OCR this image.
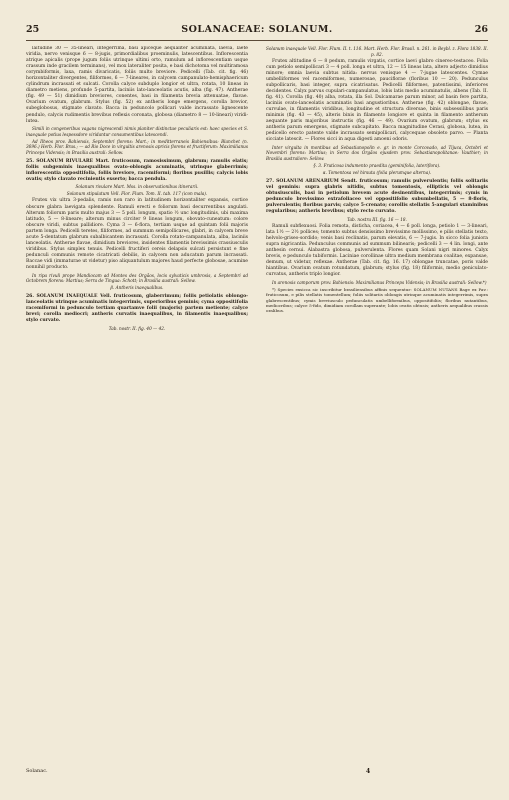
25	SOLANACEAE: SOLANUM.	26

laitudine 30 — 35-lineari, integerrima, basi apiceque aequaliter acuminata, laevia, laete viridia, nervo venisque 6 — 8-jugis, primordialibus proeminulis, latescentibus. Inflorescentia atrique apicalis (prope jugum foliis utrinque ultimi orto, ramulum ad inflorescentiam usque crassum inde gracilem terminans), vel mox lateraliter posita, e basi dichotoma vel multiramosa corymbiformis, laxa, ramis divaricatis, foliis multo breviore. Pedicelli (Tab. cit. fig. 46) horizontaliter divergentes, filiformes, 6 — 7-lineares, in calycem campanulato-hemisphaericum cylindrum incrassati et sulcati. Corolla calyce subduplo longior et ultra, rotata, 10 lineas in diametro metiens, profunde 5-partita, laciniis lato-lanceolatis acutis, alba (fig. 47). Antherae (fig. 49 — 51) dimidium breviores, conentes, basi in filamenta brevia attenuatae, flavae. Ovarium ovatum, glabrum. Stylus (fig. 52) ex antheris longe emergens, corolla brevior, subeglobosus, stigmate clavato. Bacca in peduncolo pollicari valde incrassato lignescente pendulo, calycis rudimentis brevibus reflexis coronata, globosa (diametro 8 — 10-lineari) viridi-lutea.

Simili in congeneribus vagans nigrescendi nimis planiter distinctae peculiaris est: haec species et S. inaequale potius lespessdore viridantur consumentibus latescendi.

Ad Ilheos prov. Bahiensis, Septembri florens: Mart.; in meditterraneis Bahiensibus: Blanchet (n. 3696.) Herb. Flor. Bras.; — ad Rio Doce in virgultis arenosis apricis florens et fructiferum: Maximilianus Princeps Vidensis; in Brasilia australi: Sellow.

25. SOLANUM RIVULARE Mart. fruticosum, ramosissimum, glabrum; ramulis elatis; foliis subgeminis inaequalibus ovato-oblongis acuminatis, utrinque glaberrimis; inflorescentia oppositifolia, foliis breviore, racemiformi; floribus pusillis; calycis lobis ovatis; stylo clavato recinientis exserto; bacca pendula.

Solanum rivulare Mart. Mss. in observationibus itinerarii.

Solanum stipulatum Vell. Flor. Flum. Tom. II. tab. 117 (icon mala).

Frutex vix ultra 3-pedalis, ramis non raro in latitudinem horizontaliter expansis, cortice obscure glabra laevigata splendente. Ramuli erecti e foliorum basi decurrentibus angulati. Alterum foliorum paris multo majus 3 — 5 poll. longum, spatio ½ unc longitudinis, ubi maxima latitudo, 5 — 8-lineare; alterum minus circiter 9 lineas longum, obovato-cuneatum: colore obscure viridi, subtus pallidiore. Cyma 3 — 6-flora, tertiam usque ad quintam folii majoris partem longa. Pedicelli teretes, filiformes, ad summum semipollicares, glabri, in calycem breve acute 5-dentatum glabrum subalbicantem incrassati. Corolla rotato-campanulata, alba, laciniis lanceolatis. Antherae flavae, dimidium breviores, insidentes filamentis brevissimis crassiusculis viridibus. Stylus simplex tenuis. Pedicelli fructiferi cereis delapsis sulcati persistunt e fine pedunculi communis remote cicatricati debilis, in calycem non aducatum parum incrassati. Baccae vidi (immaturae ut videtur) piso aliquantulum majores haud perfecte globosae, acumine nonnihil producto.

In ripa rivuli prope Mandiocam ad Montes des Orgãos, locis sylvaticis umbrosis, a Septembri ad Octobrem florens: Martius; Serra de Tingua: Schott; in Brasilia australi: Sellow.

β. Antheris inaequalibus.

26. SOLANUM INAEQUALE Vell. fruticosum, glaberrimum; foliis petiolatis oblongo-lanceolatis utrinque acuminatis integerrimis, superioribus geminis; cyma oppositifolia racemiformi in pedunculo tertiam quartamve folii (majoris) partem metiente; calyce brevi; corolla mediocri; antheris curvatis inaequalibus, in filamentis inaequalibus; stylo curvato.

Tab. nostr. II. fig. 40 — 42.

Solanum inaequale Vell. Flor. Flum. II. t. 116. Mart. Herb. Flor. Brasil. n. 261. in Beybl. z. Flora 1838. II. p. 82.

Frutex altitudine 6 — 8 pedum, ramulis virgatis, cortice laevi glabro cinereo-testaceo. Folia cum petiolo semipollicari 3 — 4 poll. longa et ultra, 12 — 15 lineas lata, altero adjecto dimidius minore; omnia laevia subtus nitida: nervus venisque 4 — 7-jugae latescentes. Cymae umbelliformes vel racemiformes, numerosae, pauciflorae (floribus 10 — 20). Pedunculus subpollicaris, basi integer, supra cicatrisatus. Pedicelli filiformes, patentissimi, inferiores decidentes. Calyx parvus cupulari-campanulatus, lobis latis medio acuminatulis, albens (Tab. II. fig. 41). Corolla (fig. 40) alba, rotata, illa Sol. Dulcamarae parum minor, ad basin fere partita, laciniis ovato-lanceolatis acuminatis basi angustioribus. Antherae (fig. 42) oblongae, flavae, curvulae, in filamentis viridibus, longitudine et structura diversae, binis subsessilibus paris minimis (fig. 43 — 45), alteris binis in filamento longiore et quinta in filamento antherum aequante paris majoribus instructis (fig. 46 — 49). Ovarium ovatum, glabrum; stylus ex antheris parum emergens, stigmate subcapitato. Bacca magnitudine Cerasi, globosa, lutea, in pedicello erecto patente valde incrassato semipollicari, calycequae obsoleto parvo. — Planta sicciate latescit. — Flores sicci in aqua digesti amoeni odoris.

Inter virgulta in montibus ad Sebastianopolin e. gr. in monte Corcovado, ad Tijuca, Octobri et Novembri florens: Martius; in Serra dos Orgãos ejusdem prov. Sebastianopolitanae: Vauthier; in Brasilia australiore: Sellow.

§. 3. Fruticosa indumento praedita (geminifolia, lateriflora).

α. Tomentosa vel hirsuta (folia plerumque alterna).

27. SOLANUM ARENARIUM Sendt. fruticosum; ramulis pulverulentis; foliis solitariis vel geminis: supra glabris nitidis, subtus tomentosis, ellipticis vel oblongis obtusiusculis, basi in petiolum brevem acute desinentibus, integerrimis; cymis in pedunculo brevissimo extrafoliaceo vel oppositifolio subumbellatis, 5 — 8-floris, pulverulentis; floribus parvis; calyce 5-crenato; corollis stellatis 5-angulari staminibus regularibus; antheris brevibus; stylo recto curvato.

Tab. nostra III. fig. 16 — 18.

Ramuli subflexuosi. Folia remota, disticha, coriacea, 4 — 6 poll. longa, petiolo 1 — 3-lineari, lata 1½ — 2½ pollices; tomento subtus densissimo brevissimo mollissimo, e pilis stellatis texto, helvolo-griseo-sordido; venis basi reclinatis, parum elevatis, 6 — 7-jugis. In sicco folia juniora supra nigricantia. Pedunculus communis ad summum bilinearis; pedicelli 3 — 4 lin. longi, ante anthesin cernui. Alabastra globosa, pulverulenta. Flores quam Solani nigri minores. Calyx brevis, e pedunculo tubiformis. Laciniae corollinae ultra medium membrana coalitae, expansae, demum, ut videtur, reflexae. Antherae (Tab. cit. fig. 16. 17) oblongae truncatae, poris valde hiantibus. Ovarium ovatum rotundatum, glabrum; stylus (fig. 18) filiformis, medio geniculato-curvatus, antheris triplo longior.

In arenosis camporum prov. Bahiensis: Maximilianus Princeps Vidensis; in Brasilia australi: Sellow.*)

*) Species exsicca sic inscribitur brasiliensibus affinis sequentur: SOLANUM NUTANS Bage ex Pav.: fruticosum, e pilis stellatis tomentellum; foliis solitariis oblongis utrinque acuminatis integerrimis, supra glabrescentibus; cymis breviusculo pedunculatis umbelliformibus, oppositifoliis; floribus nutantibus, mediocribus; calyce 5-fido, dimidiam corollam superante; lobis ovatis obtusis; antheris aequalibus crassis oralibus.

Solanac.	4
